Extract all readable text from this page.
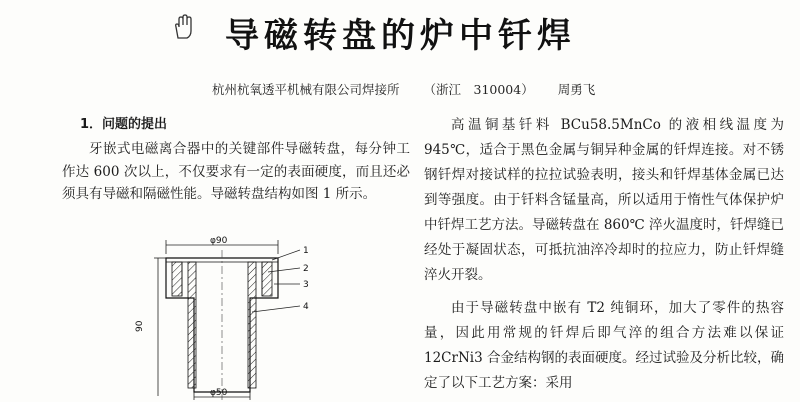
导磁转盘的炉中钎焊
杭州杭氧透平机械有限公司焊接所 （浙江　310004） 周勇飞
1．问题的提出

牙嵌式电磁离合器中的关键部件导磁转盘，每分钟工作达 600 次以上，不仅要求有一定的表面硬度，而且还必须具有导磁和隔磁性能。导磁转盘结构如图 1 所示。

φ90
90
φ50
1
2
3
4

高温铜基钎料 BCu58.5MnCo 的液相线温度为 945℃，适合于黑色金属与铜异种金属的钎焊连接。对不锈钢钎焊对接试样的拉拉试验表明，接头和钎焊基体金属已达到等强度。由于钎料含锰量高，所以适用于惰性气体保护炉中钎焊工艺方法。导磁转盘在 860℃ 淬火温度时，钎焊缝已经处于凝固状态，可抵抗油淬冷却时的拉应力，防止钎焊缝淬火开裂。

由于导磁转盘中嵌有 T2 纯铜环，加大了零件的热容量，因此用常规的钎焊后即气淬的组合方法难以保证 12CrNi3 合金结构钢的表面硬度。经过试验及分析比较，确定了以下工艺方案：采用
